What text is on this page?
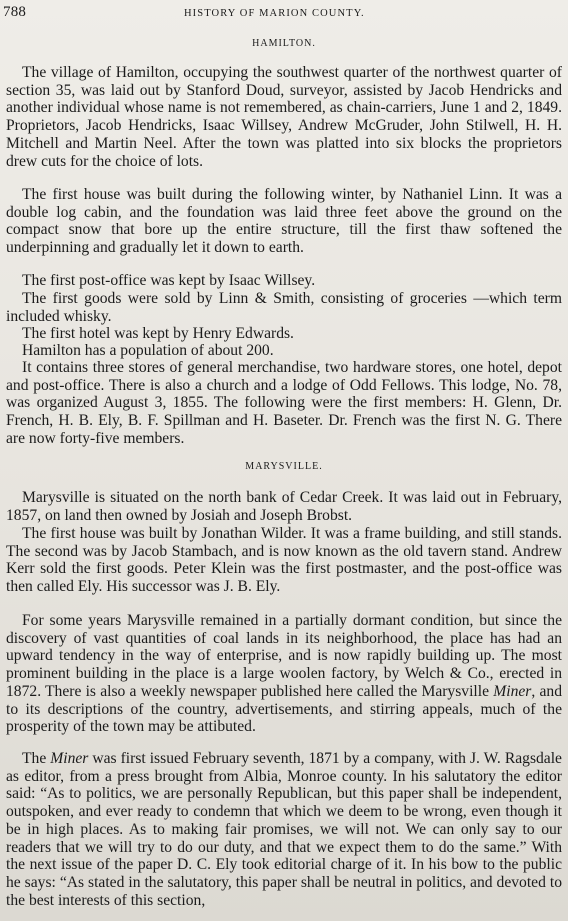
788	HISTORY OF MARION COUNTY.
HAMILTON.

The village of Hamilton, occupying the southwest quarter of the northwest quarter of section 35, was laid out by Stanford Doud, surveyor, assisted by Jacob Hendricks and another individual whose name is not remembered, as chain-carriers, June 1 and 2, 1849. Proprietors, Jacob Hendricks, Isaac Willsey, Andrew McGruder, John Stilwell, H. H. Mitchell and Martin Neel. After the town was platted into six blocks the proprietors drew cuts for the choice of lots.

The first house was built during the following winter, by Nathaniel Linn. It was a double log cabin, and the foundation was laid three feet above the ground on the compact snow that bore up the entire structure, till the first thaw softened the underpinning and gradually let it down to earth.

The first post-office was kept by Isaac Willsey.

The first goods were sold by Linn & Smith, consisting of groceries —which term included whisky.

The first hotel was kept by Henry Edwards.

Hamilton has a population of about 200.

It contains three stores of general merchandise, two hardware stores, one hotel, depot and post-office. There is also a church and a lodge of Odd Fellows. This lodge, No. 78, was organized August 3, 1855. The following were the first members: H. Glenn, Dr. French, H. B. Ely, B. F. Spillman and H. Baseter. Dr. French was the first N. G. There are now forty-five members.

MARYSVILLE.

Marysville is situated on the north bank of Cedar Creek. It was laid out in February, 1857, on land then owned by Josiah and Joseph Brobst.

The first house was built by Jonathan Wilder. It was a frame building, and still stands. The second was by Jacob Stambach, and is now known as the old tavern stand. Andrew Kerr sold the first goods. Peter Klein was the first postmaster, and the post-office was then called Ely. His successor was J. B. Ely.

For some years Marysville remained in a partially dormant condition, but since the discovery of vast quantities of coal lands in its neighborhood, the place has had an upward tendency in the way of enterprise, and is now rapidly building up. The most prominent building in the place is a large woolen factory, by Welch & Co., erected in 1872. There is also a weekly newspaper published here called the Marysville Miner, and to its descriptions of the country, advertisements, and stirring appeals, much of the prosperity of the town may be attibuted.

The Miner was first issued February seventh, 1871 by a company, with J. W. Ragsdale as editor, from a press brought from Albia, Monroe county. In his salutatory the editor said: “As to politics, we are personally Republican, but this paper shall be independent, outspoken, and ever ready to condemn that which we deem to be wrong, even though it be in high places. As to making fair promises, we will not. We can only say to our readers that we will try to do our duty, and that we expect them to do the same.” With the next issue of the paper D. C. Ely took editorial charge of it. In his bow to the public he says: “As stated in the salutatory, this paper shall be neutral in politics, and devoted to the best interests of this section,
